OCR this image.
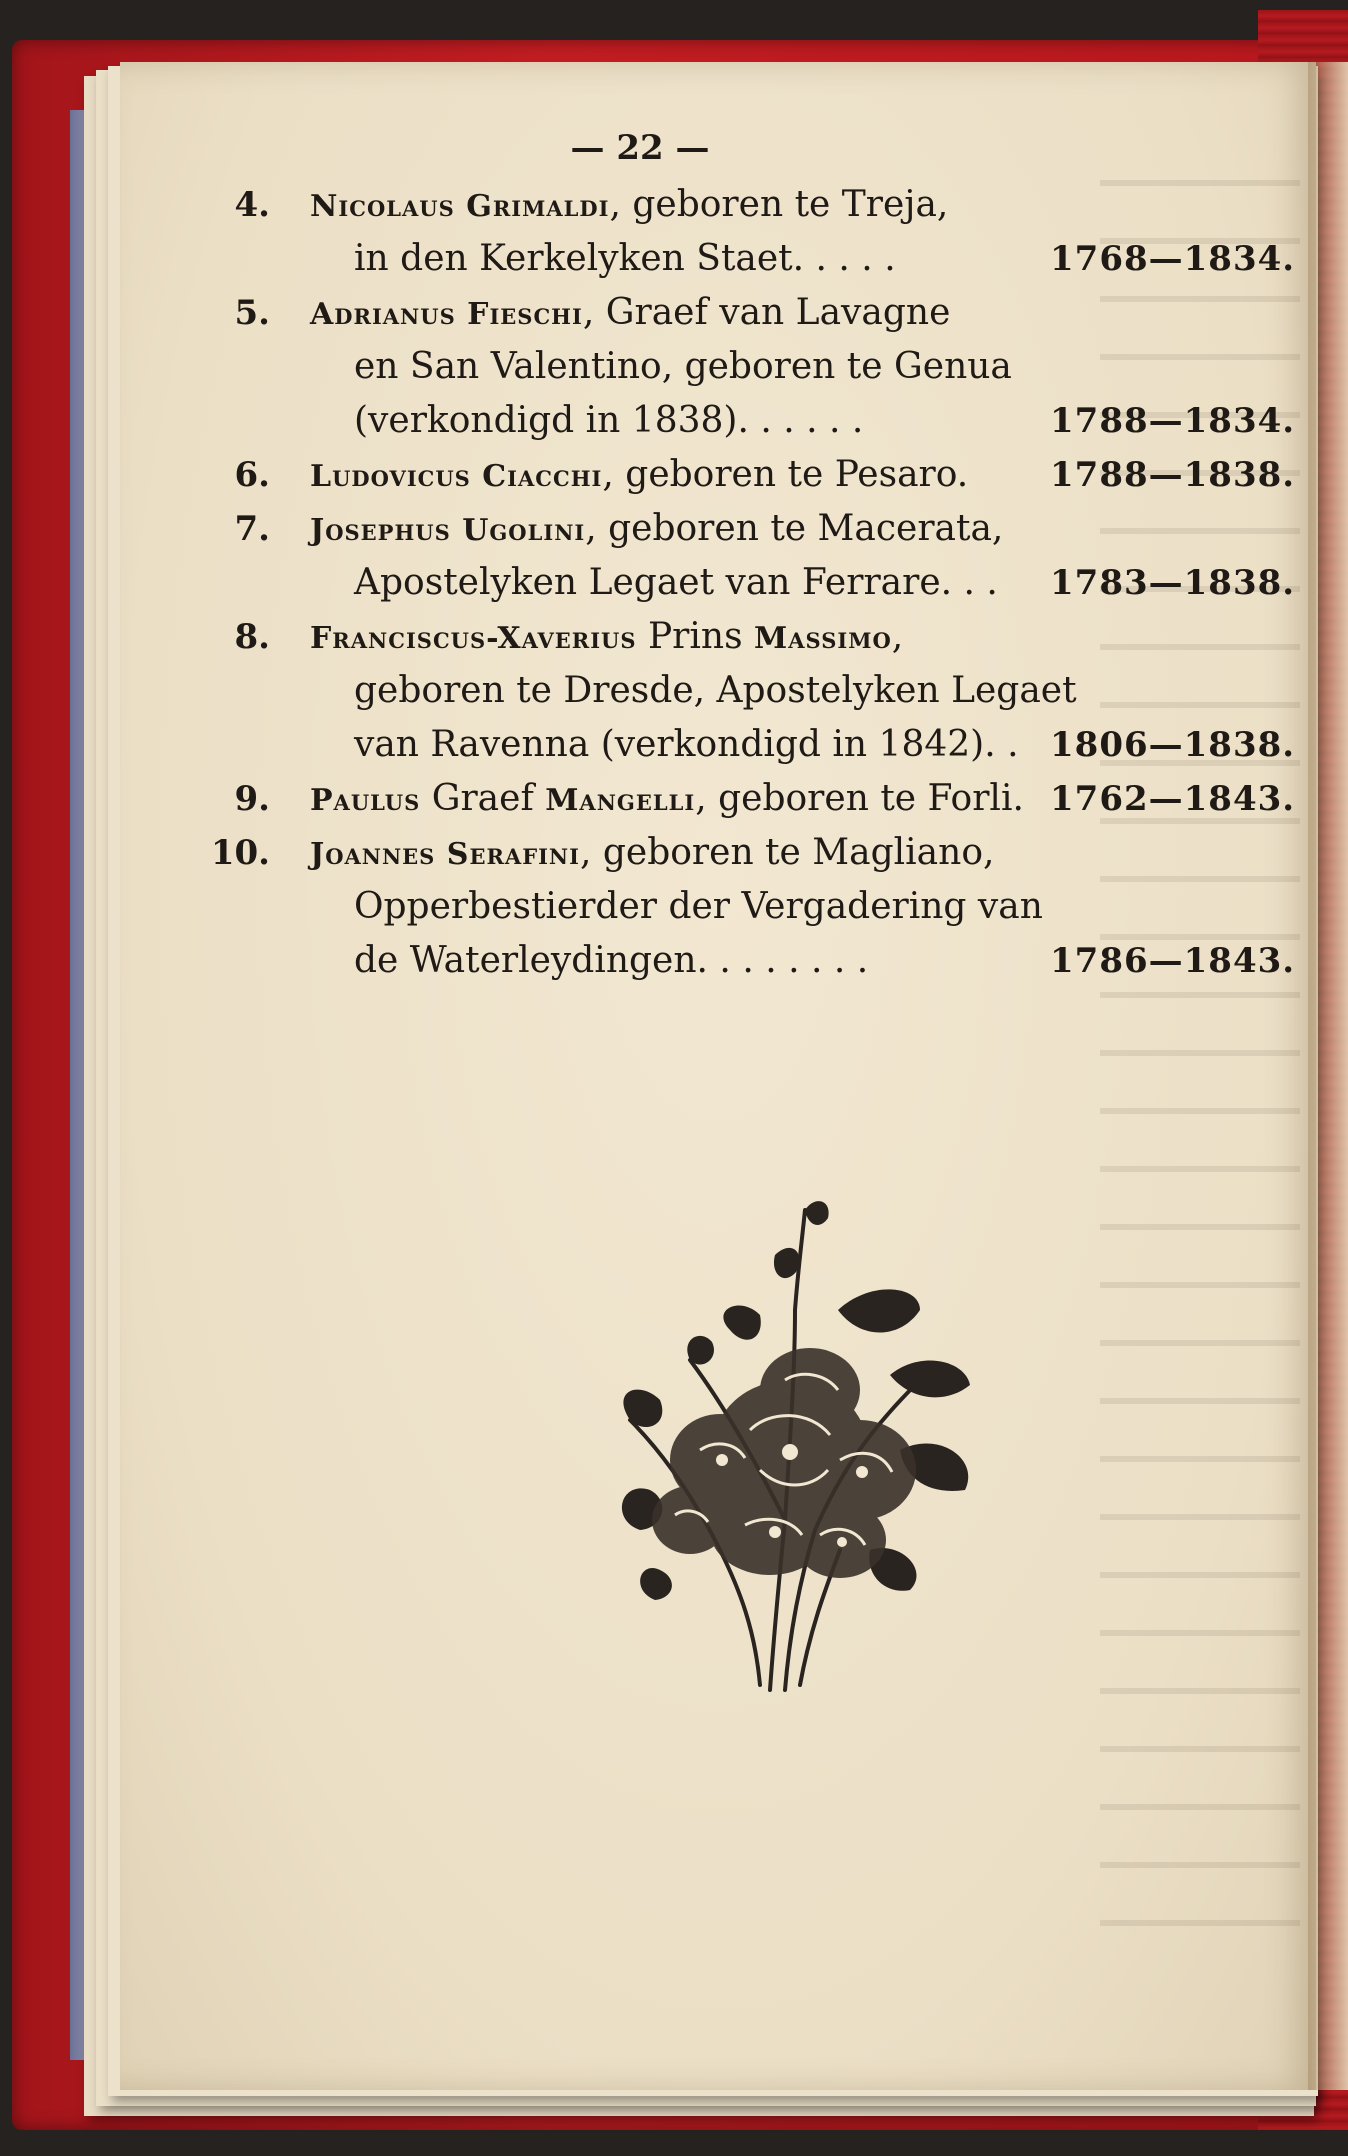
— 22 —
4. Nicolaus Grimaldi, geboren te Treja,
in den Kerkelyken Staet. . . . .	1768—1834.
5. Adrianus Fieschi, Graef van Lavagne
en San Valentino, geboren te Genua
(verkondigd in 1838). . . . . .	1788—1834.
6. Ludovicus Ciacchi, geboren te Pesaro. 1788—1838.
7. Josephus Ugolini, geboren te Macerata,
Apostelyken Legaet van Ferrare. . . 1783—1838.
8. Franciscus-Xaverius Prins Massimo,
geboren te Dresde, Apostelyken Legaet
van Ravenna (verkondigd in 1842). . 1806—1838.
9. Paulus Graef Mangelli, geboren te Forli. 1762—1843.
10. Joannes Serafini, geboren te Magliano,
Opperbestierder der Vergadering van
de Waterleydingen. . . . . . . .	1786—1843.
